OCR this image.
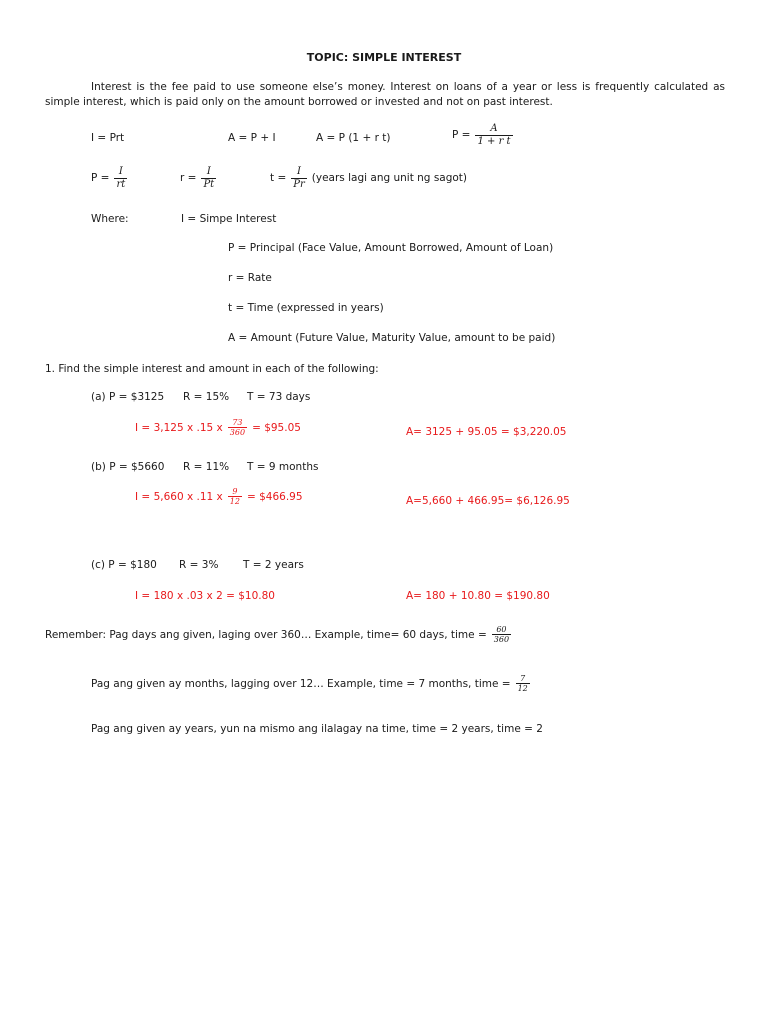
TOPIC: SIMPLE INTEREST
Interest is the fee paid to use someone else’s money. Interest on loans of a year or less is frequently calculated as simple interest, which is paid only on the amount borrowed or invested and not on past interest.
I = Prt	A = P + I	A = P (1 + r t)	$P = \frac{A}{\text{1 + r t}}$
$P = \frac{I}{rt}$	$r = \frac{I}{Pt}$	$t = \frac{I}{Pr}$ (years lagi ang unit ng sagot)
Where:	I = Simpe Interest
P = Principal (Face Value, Amount Borrowed, Amount of Loan)
r = Rate
t = Time (expressed in years)
A = Amount (Future Value, Maturity Value, amount to be paid)
1. Find the simple interest and amount in each of the following:
(a) P = $3125 R = 15% T = 73 days
I = 3,125 x .15 x $\frac{73}{360}$ = $95.05	A= 3125 + 95.05 = $3,220.05
(b) P = $5660 R = 11% T = 9 months
I = 5,660 x .11 x $\frac{9}{12}$ = $466.95	A=5,660 + 466.95= $6,126.95
(c) P = $180 R = 3% T = 2 years
I = 180 x .03 x 2 = $10.80	A= 180 + 10.80 = $190.80
Remember: Pag days ang given, laging over 360… Example, time= 60 days, time = $\frac{60}{360}$
Pag ang given ay months, lagging over 12… Example, time = 7 months, time = $\frac{7}{12}$
Pag ang given ay years, yun na mismo ang ilalagay na time, time = 2 years, time = 2
